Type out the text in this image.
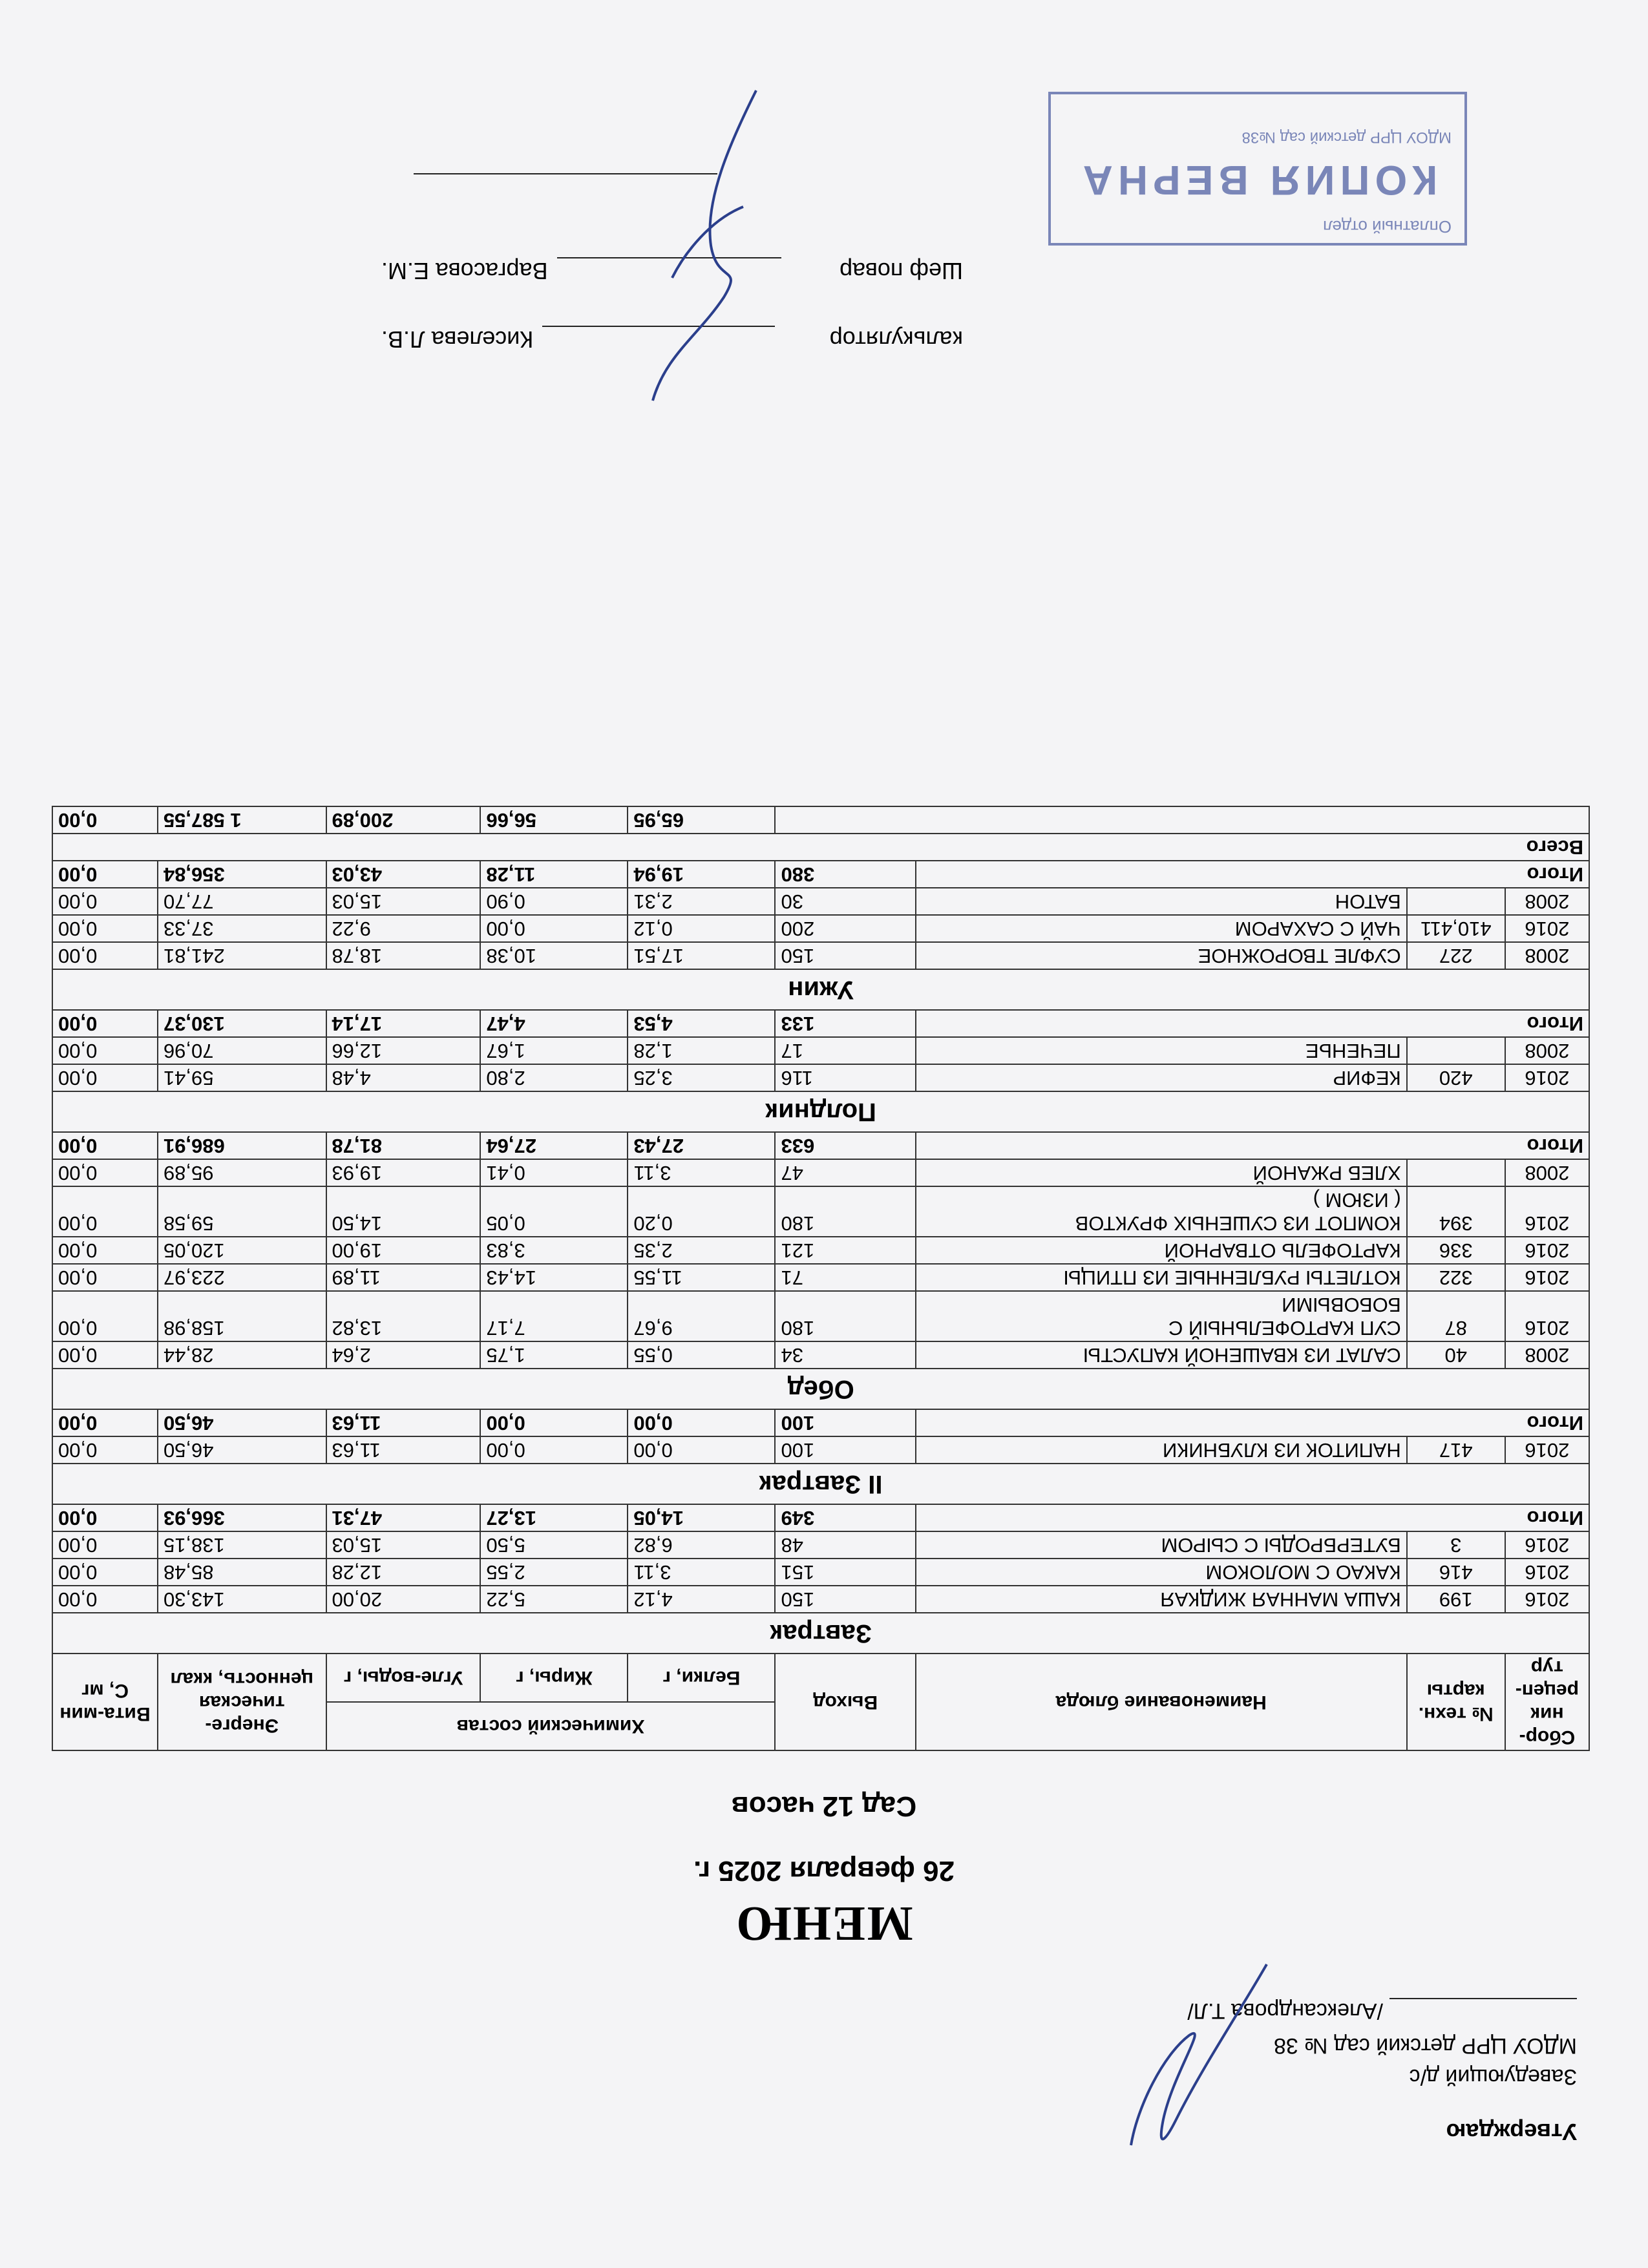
Утверждаю
Заведующий д/с
МДОУ ЦРР детский сад № 38
/Александрова Т.Л/
МЕНЮ
26 февраля 2025 г.
Сад 12 часов
Сбор-ник рецеп-тур	№ техн. карты	Наименование блюда	Выход	Химический состав			Энерге-тическая ценность, ккал	Вита-мин С, мг
				Белки, г	Жиры, г	Угле-воды, г		
Завтрак								
2016	199	КАША МАННАЯ ЖИДКАЯ	150	4,12	5,22	20,00	143,30	0,00
2016	416	КАКАО С МОЛОКОМ	151	3,11	2,55	12,28	85,48	0,00
2016	3	БУТЕРБРОДЫ С СЫРОМ	48	6,82	5,50	15,03	138,15	0,00
Итого			349	14,05	13,27	47,31	366,93	0,00
II Завтрак								
2016	417	НАПИТОК ИЗ КЛУБНИКИ	100	0,00	0,00	11,63	46,50	0,00
Итого			100	0,00	0,00	11,63	46,50	0,00
Обед								
2008	40	САЛАТ ИЗ КВАШЕНОЙ КАПУСТЫ	34	0,55	1,75	2,64	28,44	0,00
2016	87	СУП КАРТОФЕЛЬНЫЙ С
БОБОВЫМИ	180	9,67	7,17	13,82	158,98	0,00
2016	322	КОТЛЕТЫ РУБЛЕННЫЕ ИЗ ПТИЦЫ	71	11,55	14,43	11,89	223,97	0,00
2016	336	КАРТОФЕЛЬ ОТВАРНОЙ	121	2,35	3,83	19,00	120,05	0,00
2016	394	КОМПОТ ИЗ СУШЕНЫХ ФРУКТОВ
( ИЗЮМ )	180	0,20	0,05	14,50	59,58	0,00
2008		ХЛЕБ РЖАНОЙ	47	3,11	0,41	19,93	95,89	0,00
Итого			633	27,43	27,64	81,78	686,91	0,00
Полдник								
2016	420	КЕФИР	116	3,25	2,80	4,48	59,41	0,00
2008		ПЕЧЕНЬЕ	17	1,28	1,67	12,66	70,96	0,00
Итого			133	4,53	4,47	17,14	130,37	0,00
Ужин								
2008	227	СУФЛЕ ТВОРОЖНОЕ	150	17,51	10,38	18,78	241,81	0,00
2016	410,411	ЧАЙ С САХАРОМ	200	0,12	0,00	9,22	37,33	0,00
2008		БАТОН	30	2,31	0,90	15,03	77,70	0,00
Итого			380	19,94	11,28	43,03	356,84	0,00
Всего								
				65,95	56,66	200,89	1 587,55	0,00
калькулятор
Киселева Л.В.
Шеф повар
Варгасова Е.М.
Оплатный отдел
КОПИЯ ВЕРНА
МДОУ ЦРР детский сад №38
